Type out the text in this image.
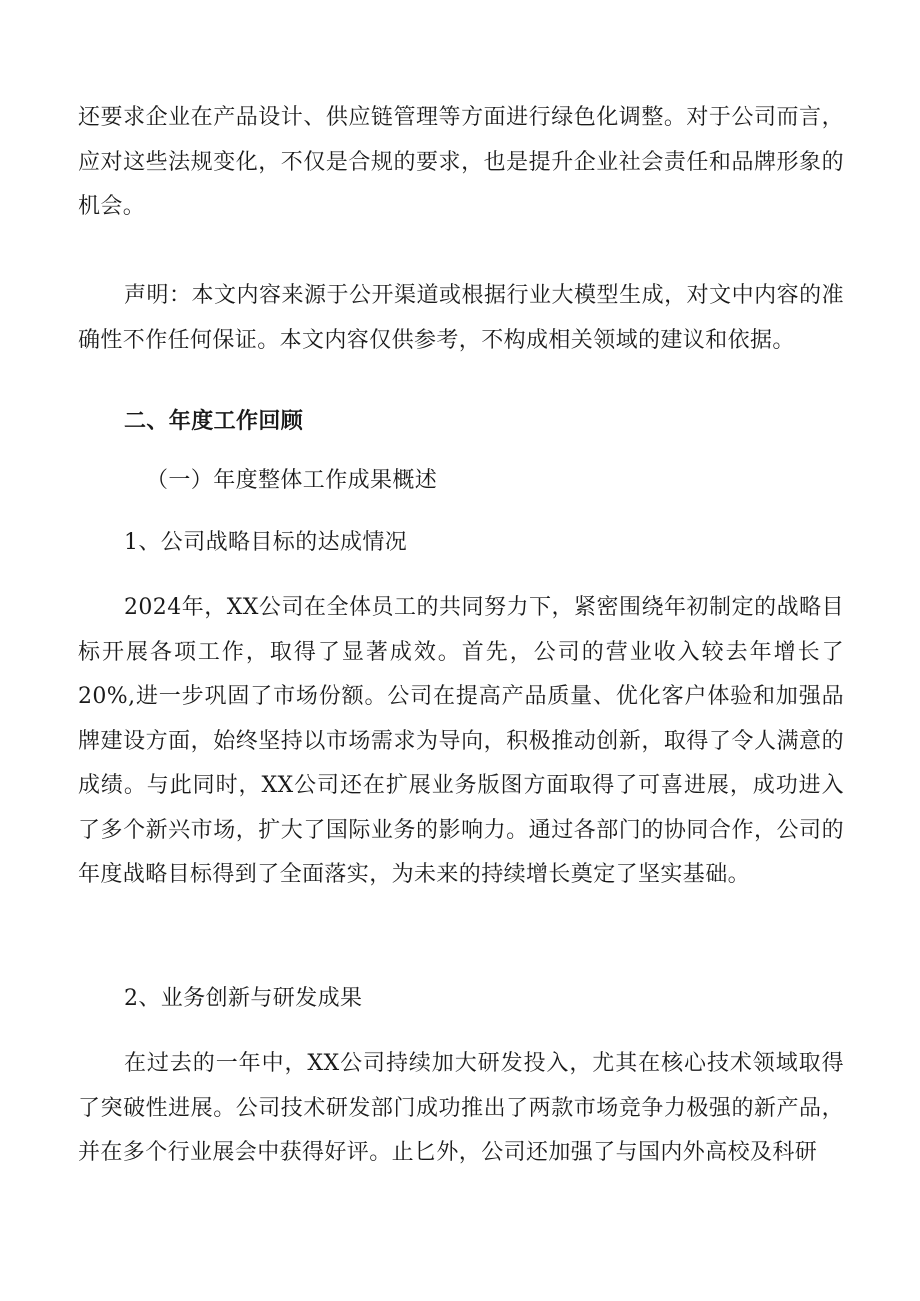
还要求企业在产品设计、供应链管理等方面进行绿色化调整。对于公司而言，应对这些法规变化，不仅是合规的要求，也是提升企业社会责任和品牌形象的机会。

声明：本文内容来源于公开渠道或根据行业大模型生成，对文中内容的准确性不作任何保证。本文内容仅供参考，不构成相关领域的建议和依据。

二、年度工作回顾
（一）年度整体工作成果概述
1、公司战略目标的达成情况

2024年，XX公司在全体员工的共同努力下，紧密围绕年初制定的战略目标开展各项工作，取得了显著成效。首先，公司的营业收入较去年增长了20%,进一步巩固了市场份额。公司在提高产品质量、优化客户体验和加强品牌建设方面，始终坚持以市场需求为导向，积极推动创新，取得了令人满意的成绩。与此同时，XX公司还在扩展业务版图方面取得了可喜进展，成功进入了多个新兴市场，扩大了国际业务的影响力。通过各部门的协同合作，公司的年度战略目标得到了全面落实，为未来的持续增长奠定了坚实基础。

2、业务创新与研发成果

在过去的一年中，XX公司持续加大研发投入，尤其在核心技术领域取得了突破性进展。公司技术研发部门成功推出了两款市场竞争力极强的新产品，并在多个行业展会中获得好评。止匕外，公司还加强了与国内外高校及科研
